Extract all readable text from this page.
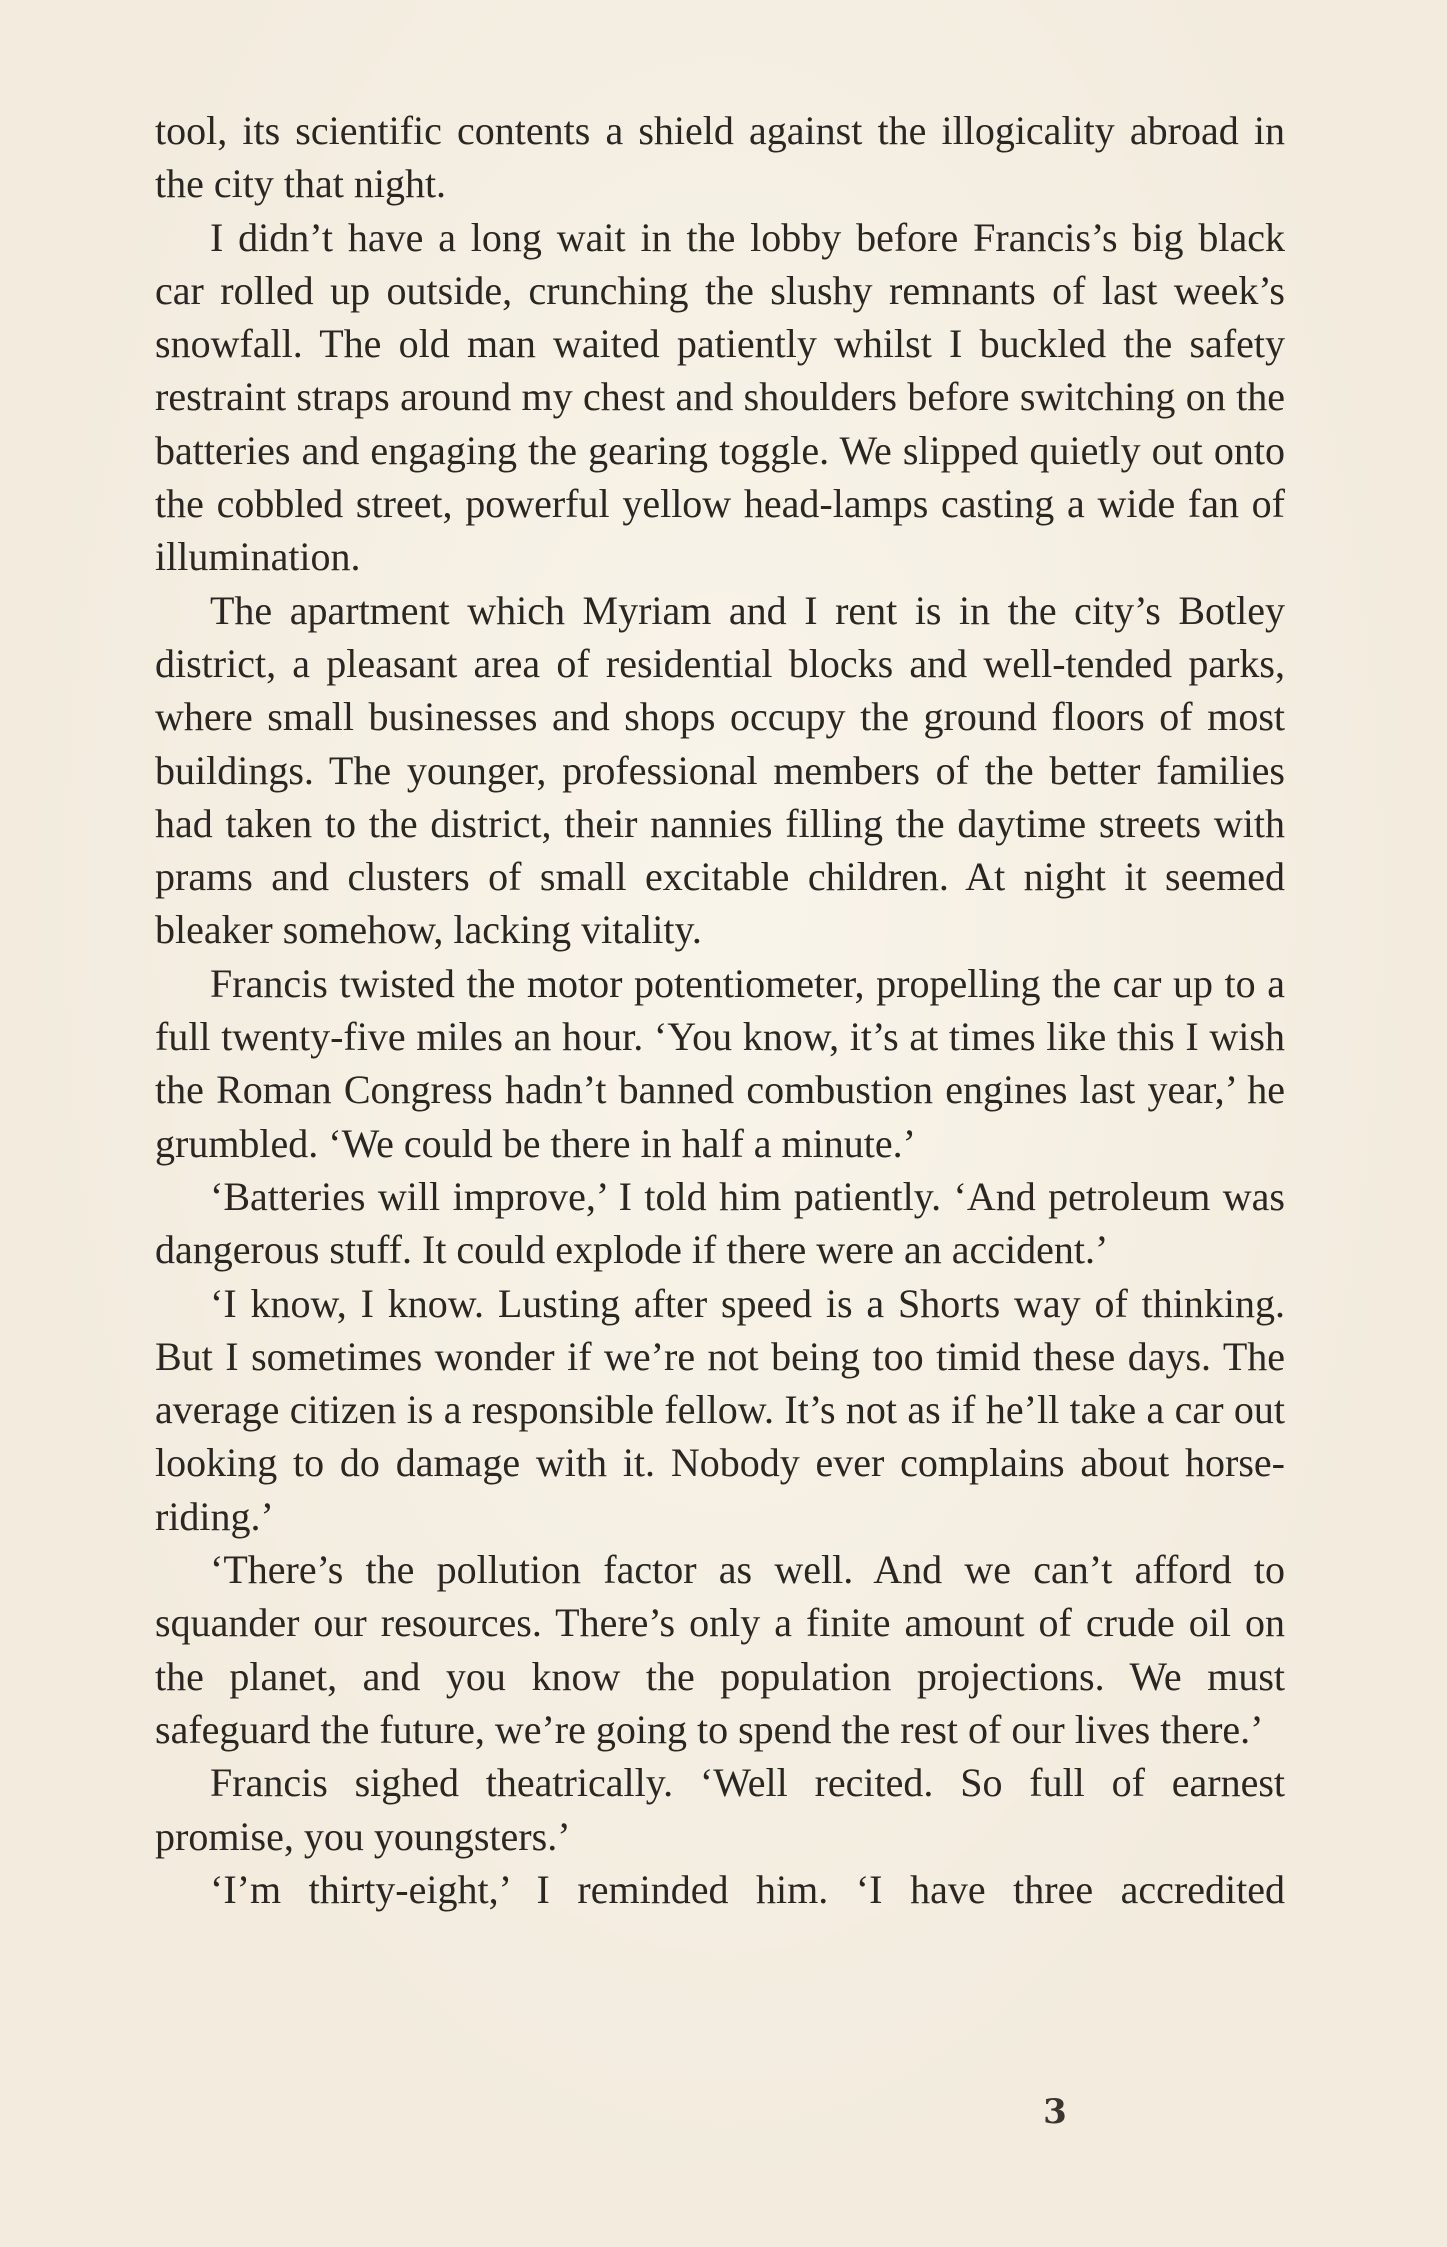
tool, its scientific contents a shield against the illogicality abroad in the city that night.

I didn’t have a long wait in the lobby before Francis’s big black car rolled up outside, crunching the slushy remnants of last week’s snowfall. The old man waited patiently whilst I buckled the safety restraint straps around my chest and shoulders before switching on the batteries and engaging the gearing toggle. We slipped quietly out onto the cobbled street, powerful yellow head-lamps casting a wide fan of illumination.

The apartment which Myriam and I rent is in the city’s Botley district, a pleasant area of residential blocks and well-tended parks, where small businesses and shops occupy the ground floors of most buildings. The younger, professional members of the better families had taken to the district, their nannies filling the daytime streets with prams and clusters of small excitable children. At night it seemed bleaker somehow, lacking vitality.

Francis twisted the motor potentiometer, propelling the car up to a full twenty-five miles an hour. ‘You know, it’s at times like this I wish the Roman Congress hadn’t banned combustion engines last year,’ he grumbled. ‘We could be there in half a minute.’

‘Batteries will improve,’ I told him patiently. ‘And petroleum was dangerous stuff. It could explode if there were an accident.’

‘I know, I know. Lusting after speed is a Shorts way of thinking. But I sometimes wonder if we’re not being too timid these days. The average citizen is a responsible fellow. It’s not as if he’ll take a car out looking to do damage with it. Nobody ever complains about horse-riding.’

‘There’s the pollution factor as well. And we can’t afford to squander our resources. There’s only a finite amount of crude oil on the planet, and you know the population projections. We must safeguard the future, we’re going to spend the rest of our lives there.’

Francis sighed theatrically. ‘Well recited. So full of earnest promise, you youngsters.’

‘I’m thirty-eight,’ I reminded him. ‘I have three accredited

3
